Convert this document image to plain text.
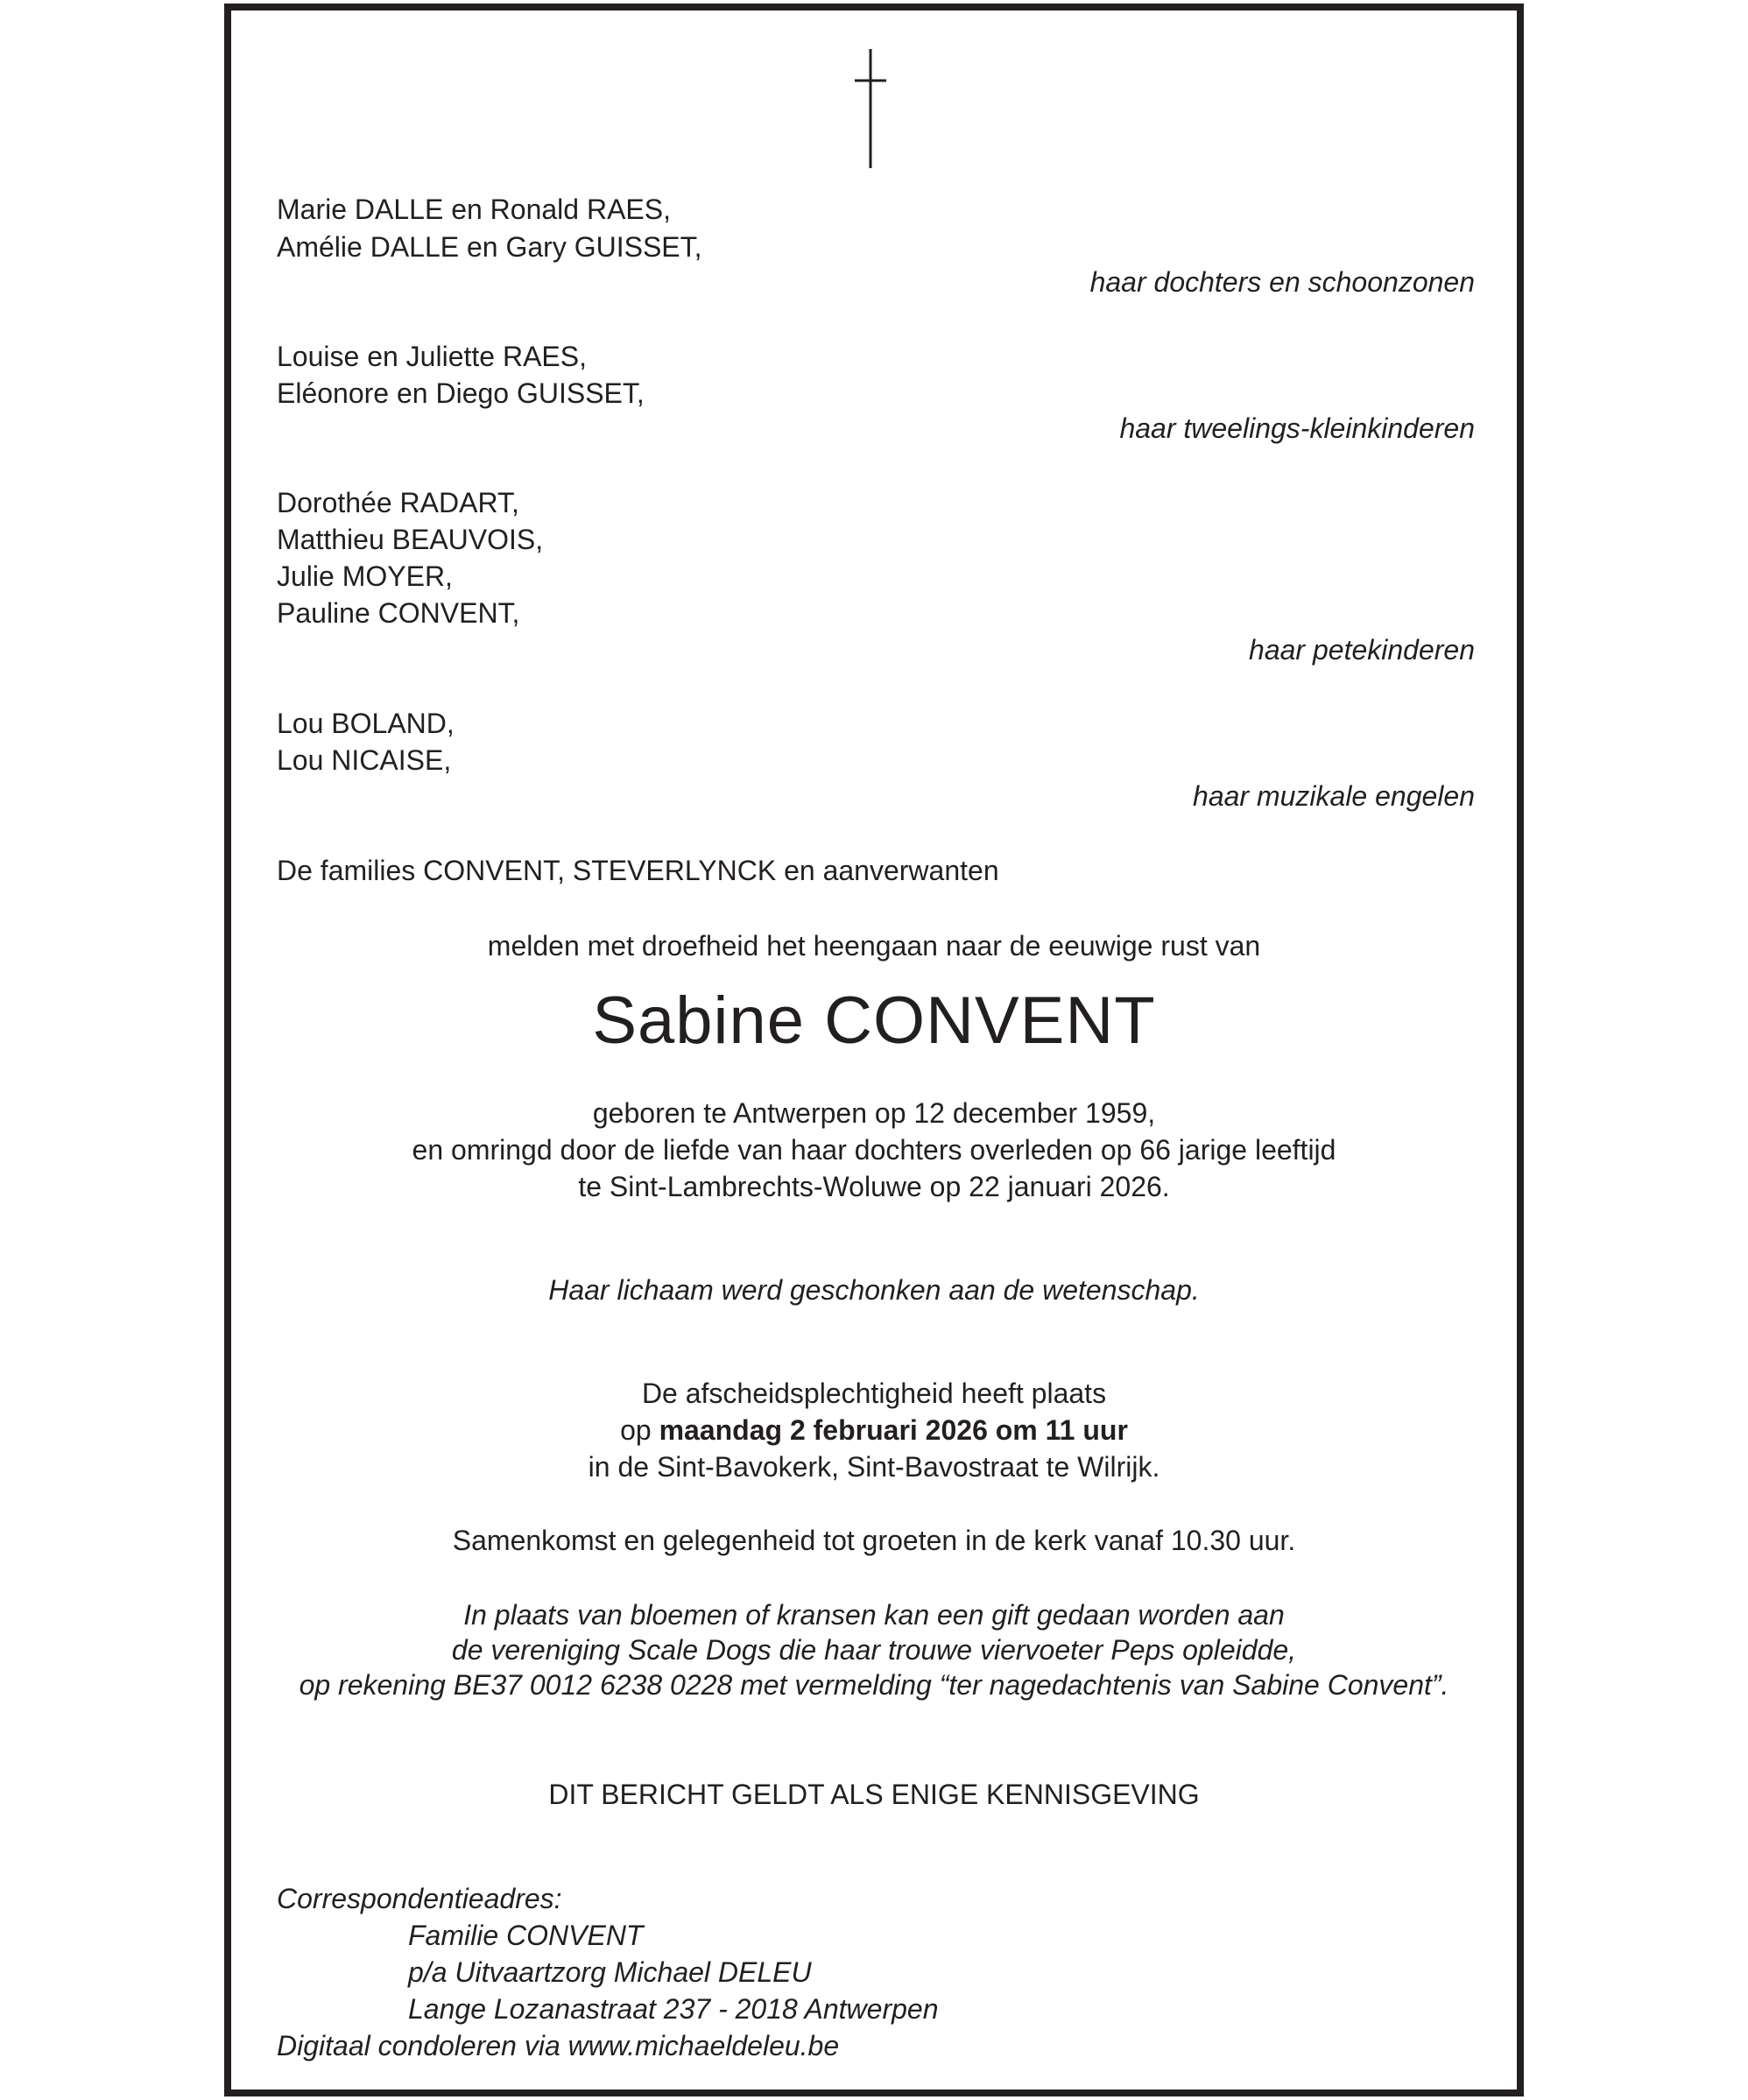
Marie DALLE en Ronald RAES,
Amélie DALLE en Gary GUISSET,
haar dochters en schoonzonen
Louise en Juliette RAES,
Eléonore en Diego GUISSET,
haar tweelings-kleinkinderen
Dorothée RADART,
Matthieu BEAUVOIS,
Julie MOYER,
Pauline CONVENT,
haar petekinderen
Lou BOLAND,
Lou NICAISE,
haar muzikale engelen
De families CONVENT, STEVERLYNCK en aanverwanten
melden met droefheid het heengaan naar de eeuwige rust van
Sabine CONVENT
geboren te Antwerpen op 12 december 1959,
en omringd door de liefde van haar dochters overleden op 66 jarige leeftijd
te Sint-Lambrechts-Woluwe op 22 januari 2026.
Haar lichaam werd geschonken aan de wetenschap.
De afscheidsplechtigheid heeft plaats
op maandag 2 februari 2026 om 11 uur
in de Sint-Bavokerk, Sint-Bavostraat te Wilrijk.
Samenkomst en gelegenheid tot groeten in de kerk vanaf 10.30 uur.
In plaats van bloemen of kransen kan een gift gedaan worden aan
de vereniging Scale Dogs die haar trouwe viervoeter Peps opleidde,
op rekening BE37 0012 6238 0228 met vermelding “ter nagedachtenis van Sabine Convent”.
DIT BERICHT GELDT ALS ENIGE KENNISGEVING
Correspondentieadres:
Familie CONVENT
p/a Uitvaartzorg Michael DELEU
Lange Lozanastraat 237 - 2018 Antwerpen
Digitaal condoleren via www.michaeldeleu.be
